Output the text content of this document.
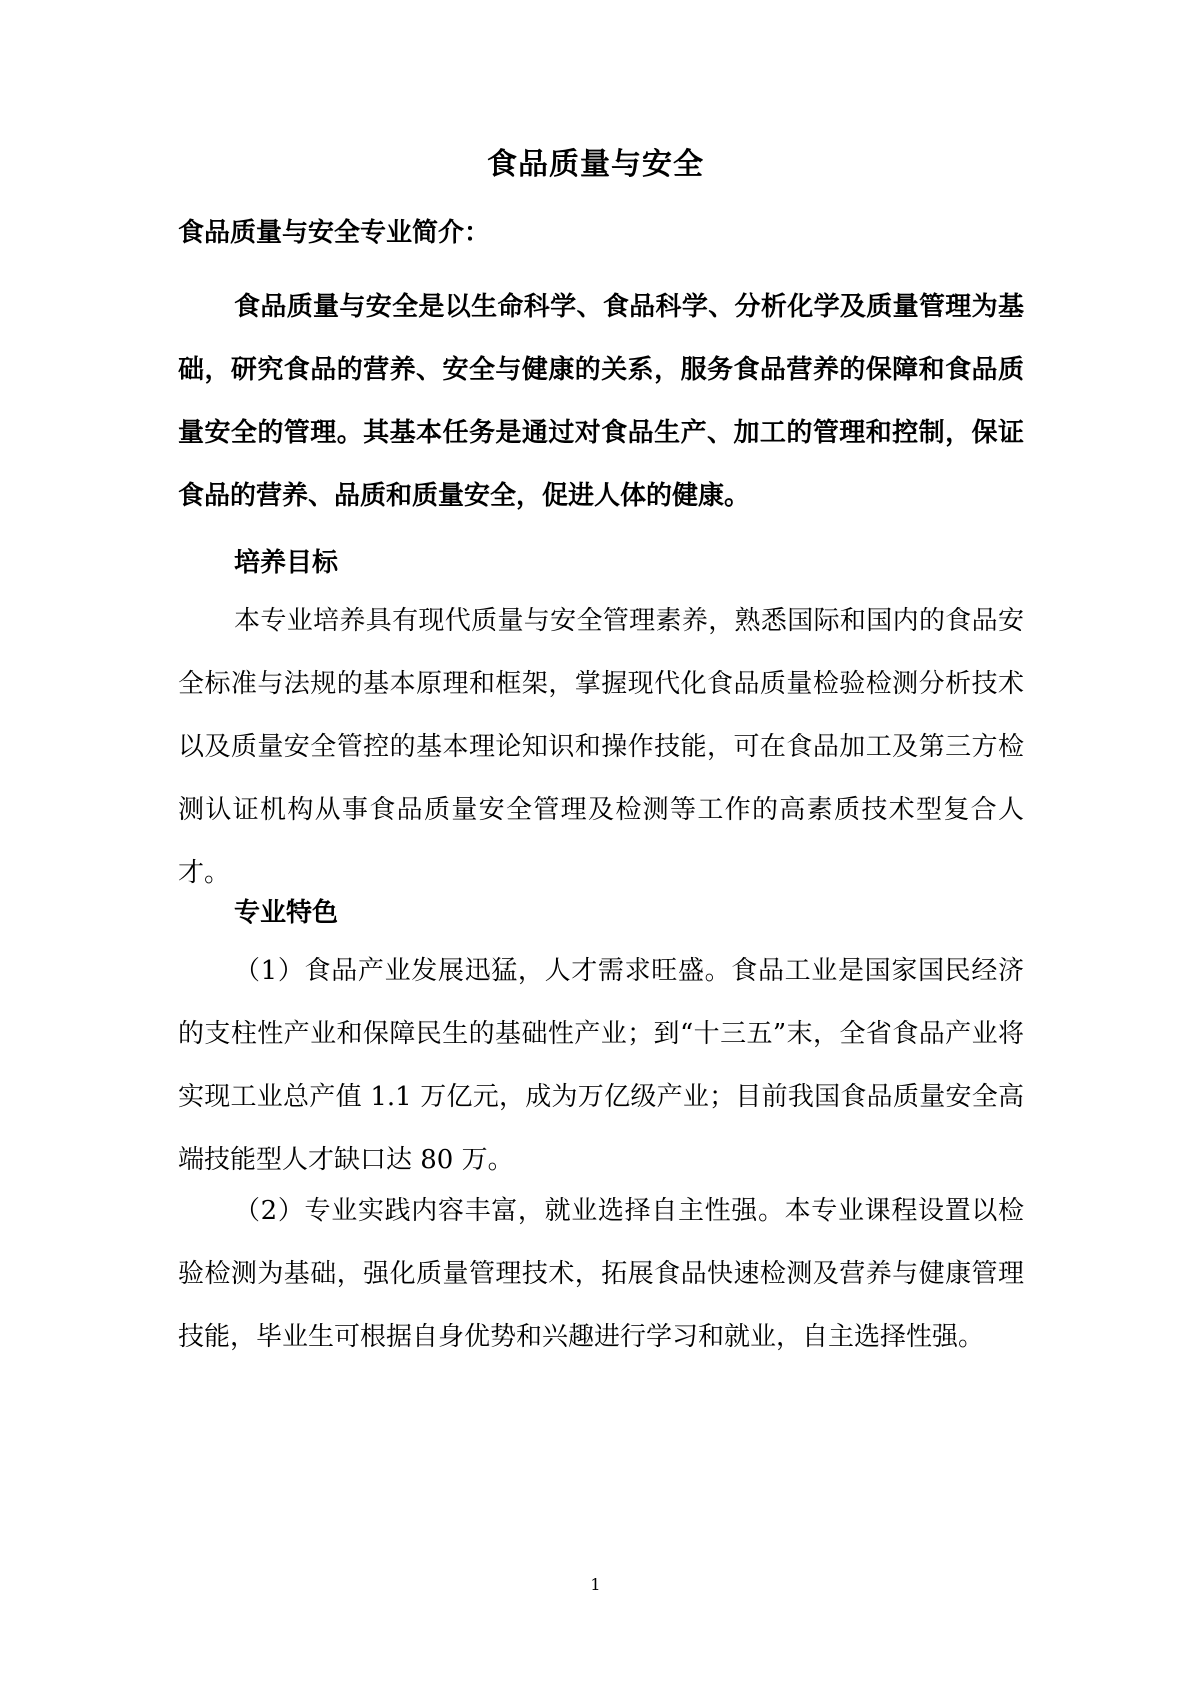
食品质量与安全
食品质量与安全专业简介：

食品质量与安全是以生命科学、食品科学、分析化学及质量管理为基础，研究食品的营养、安全与健康的关系，服务食品营养的保障和食品质量安全的管理。其基本任务是通过对食品生产、加工的管理和控制，保证食品的营养、品质和质量安全，促进人体的健康。

培养目标

本专业培养具有现代质量与安全管理素养，熟悉国际和国内的食品安全标准与法规的基本原理和框架，掌握现代化食品质量检验检测分析技术以及质量安全管控的基本理论知识和操作技能，可在食品加工及第三方检测认证机构从事食品质量安全管理及检测等工作的高素质技术型复合人才。

专业特色

（1）食品产业发展迅猛，人才需求旺盛。食品工业是国家国民经济的支柱性产业和保障民生的基础性产业；到“十三五”末，全省食品产业将实现工业总产值 1.1 万亿元，成为万亿级产业；目前我国食品质量安全高端技能型人才缺口达 80 万。

（2）专业实践内容丰富，就业选择自主性强。本专业课程设置以检验检测为基础，强化质量管理技术，拓展食品快速检测及营养与健康管理技能，毕业生可根据自身优势和兴趣进行学习和就业，自主选择性强。

1
